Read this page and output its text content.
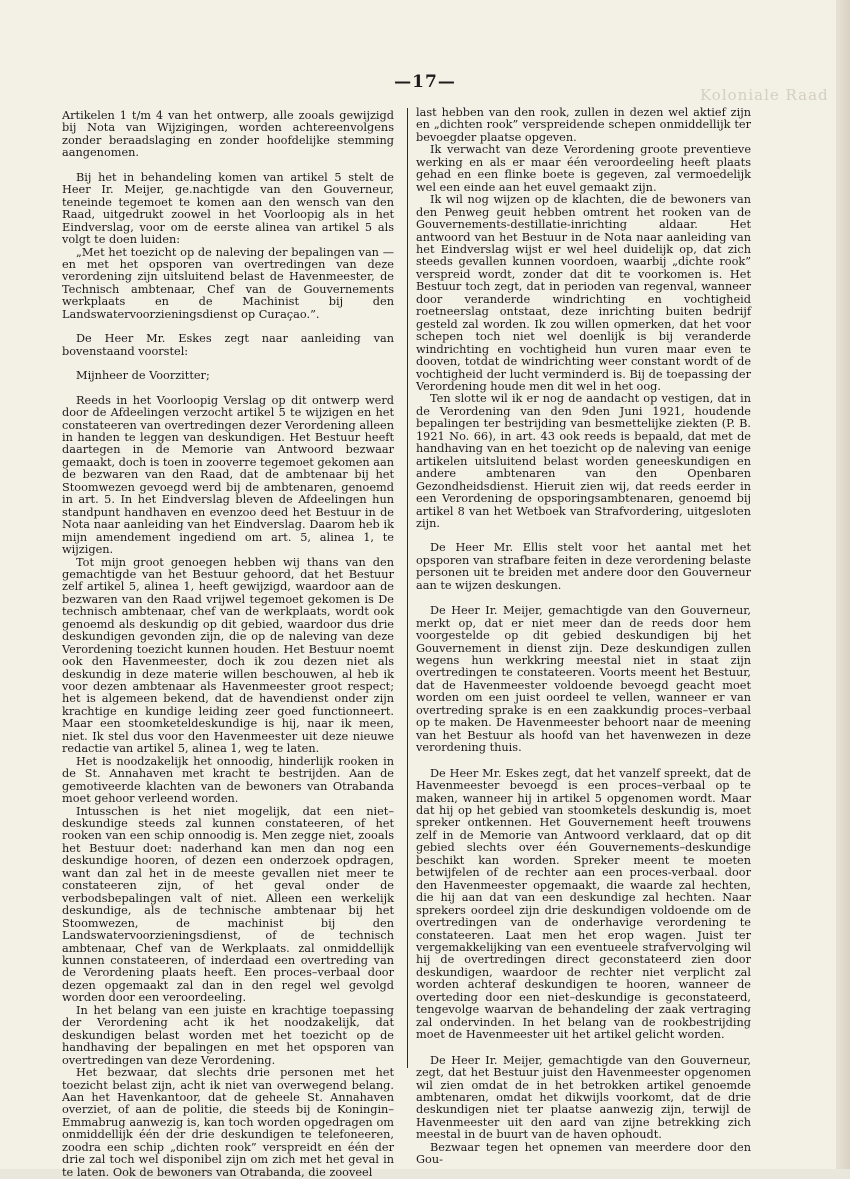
Koloniale Raad
—17—

Artikelen 1 t/m 4 van het ontwerp, alle zooals gewijzigd bij Nota van Wijzigingen, worden achtereenvolgens zonder beraadslaging en zonder hoofdelijke stemming aangenomen.

Bij het in behandeling komen van artikel 5 stelt de Heer Ir. Meijer, ge.nachtigde van den Gouverneur, teneinde tegemoet te komen aan den wensch van den Raad, uitgedrukt zoowel in het Voorloopig als in het Eindverslag, voor om de eerste alinea van artikel 5 als volgt te doen luiden:

„Met het toezicht op de naleving der bepalingen van — en met het opsporen van overtredingen van deze verordening zijn uitsluitend belast de Havenmeester, de Technisch ambtenaar, Chef van de Gouvernements werkplaats en de Machinist bij den Landswatervoorzieningsdienst op Curaçao.”.

De Heer Mr. Eskes zegt naar aanleiding van bovenstaand voorstel:

Mijnheer de Voorzitter;

Reeds in het Voorloopig Verslag op dit ontwerp werd door de Afdeelingen verzocht artikel 5 te wijzigen en het constateeren van overtredingen dezer Verordening alleen in handen te leggen van deskundigen. Het Bestuur heeft daartegen in de Memorie van Antwoord bezwaar gemaakt, doch is toen in zooverre tegemoet gekomen aan de bezwaren van den Raad, dat de ambtenaar bij het Stoomwezen gevoegd werd bij de ambtenaren, genoemd in art. 5. In het Eindverslag bleven de Afdeelingen hun standpunt handhaven en evenzoo deed het Bestuur in de Nota naar aanleiding van het Eindverslag. Daarom heb ik mijn amendement ingediend om art. 5, alinea 1, te wijzigen.

Tot mijn groot genoegen hebben wij thans van den gemachtigde van het Bestuur gehoord, dat het Bestuur zelf artikel 5, alinea 1, heeft gewijzigd, waardoor aan de bezwaren van den Raad vrijwel tegemoet gekomen is De technisch ambtenaar, chef van de werkplaats, wordt ook genoemd als deskundig op dit gebied, waardoor dus drie deskundigen gevonden zijn, die op de naleving van deze Verordening toezicht kunnen houden. Het Bestuur noemt ook den Havenmeester, doch ik zou dezen niet als deskundig in deze materie willen beschouwen, al heb ik voor dezen ambtenaar als Havenmeester groot respect; het is algemeen bekend, dat de havendienst onder zijn krachtige en kundige leiding zeer goed functionneert. Maar een stoomketeldeskundige is hij, naar ik meen, niet. Ik stel dus voor den Havenmeester uit deze nieuwe redactie van artikel 5, alinea 1, weg te laten.

Het is noodzakelijk het onnoodig, hinderlijk rooken in de St. Annahaven met kracht te bestrijden. Aan de gemotiveerde klachten van de bewoners van Otrabanda moet gehoor verleend worden.

Intusschen is het niet mogelijk, dat een niet–deskundige steeds zal kunnen constateeren, of het rooken van een schip onnoodig is. Men zegge niet, zooals het Bestuur doet: naderhand kan men dan nog een deskundige hooren, of dezen een onderzoek opdragen, want dan zal het in de meeste gevallen niet meer te constateeren zijn, of het geval onder de verbodsbepalingen valt of niet. Alleen een werkelijk deskundige, als de technische ambtenaar bij het Stoomwezen, de machinist bij den Landswatervoorzieningsdienst, of de technisch ambtenaar, Chef van de Werkplaats. zal onmiddellijk kunnen constateeren, of inderdaad een overtreding van de Verordening plaats heeft. Een proces–verbaal door dezen opgemaakt zal dan in den regel wel gevolgd worden door een veroordeeling.

In het belang van een juiste en krachtige toepassing der Verordening acht ik het noodzakelijk, dat deskundigen belast worden met het toezicht op de handhaving der bepalingen en met het opsporen van overtredingen van deze Verordening.

Het bezwaar, dat slechts drie personen met het toezicht belast zijn, acht ik niet van overwegend belang. Aan het Havenkantoor, dat de geheele St. Annahaven overziet, of aan de politie, die steeds bij de Koningin–Emmabrug aanwezig is, kan toch worden opgedragen om onmiddellijk één der drie deskundigen te telefoneeren, zoodra een schip „dichten rook” verspreidt en één der drie zal toch wel disponibel zijn om zich met het geval in te laten. Ook de bewoners van Otrabanda, die zooveel

last hebben van den rook, zullen in dezen wel aktief zijn en „dichten rook” verspreidende schepen onmiddellijk ter bevoegder plaatse opgeven.

Ik verwacht van deze Verordening groote preventieve werking en als er maar één veroordeeling heeft plaats gehad en een flinke boete is gegeven, zal vermoedelijk wel een einde aan het euvel gemaakt zijn.

Ik wil nog wijzen op de klachten, die de bewoners van den Penweg geuit hebben omtrent het rooken van de Gouvernements-destillatie-inrichting aldaar. Het antwoord van het Bestuur in de Nota naar aanleiding van het Eindverslag wijst er wel heel duidelijk op, dat zich steeds gevallen kunnen voordoen, waarbij „dichte rook” verspreid wordt, zonder dat dit te voorkomen is. Het Bestuur toch zegt, dat in perioden van regenval, wanneer door veranderde windrichting en vochtigheid roetneerslag ontstaat, deze inrichting buiten bedrijf gesteld zal worden. Ik zou willen opmerken, dat het voor schepen toch niet wel doenlijk is bij veranderde windrichting en vochtigheid hun vuren maar even te dooven, totdat de windrichting weer constant wordt of de vochtigheid der lucht verminderd is. Bij de toepassing der Verordening houde men dit wel in het oog.

Ten slotte wil ik er nog de aandacht op vestigen, dat in de Verordening van den 9den Juni 1921, houdende bepalingen ter bestrijding van besmettelijke ziekten (P. B. 1921 No. 66), in art. 43 ook reeds is bepaald, dat met de handhaving van en het toezicht op de naleving van eenige artikelen uitsluitend belast worden geneeskundigen en andere ambtenaren van den Openbaren Gezondheidsdienst. Hieruit zien wij, dat reeds eerder in een Verordening de opsporingsambtenaren, genoemd bij artikel 8 van het Wetboek van Strafvordering, uitgesloten zijn.

De Heer Mr. Ellis stelt voor het aantal met het opsporen van strafbare feiten in deze verordening belaste personen uit te breiden met andere door den Gouverneur aan te wijzen deskungen.

De Heer Ir. Meijer, gemachtigde van den Gouverneur, merkt op, dat er niet meer dan de reeds door hem voorgestelde op dit gebied deskundigen bij het Gouvernement in dienst zijn. Deze deskundigen zullen wegens hun werkkring meestal niet in staat zijn overtredingen te constateeren. Voorts meent het Bestuur, dat de Havenmeester voldoende bevoegd geacht moet worden om een juist oordeel te vellen, wanneer er van overtreding sprake is en een zaakkundig proces–verbaal op te maken. De Havenmeester behoort naar de meening van het Bestuur als hoofd van het havenwezen in deze verordening thuis.

De Heer Mr. Eskes zegt, dat het vanzelf spreekt, dat de Havenmeester bevoegd is een proces–verbaal op te maken, wanneer hij in artikel 5 opgenomen wordt. Maar dat hij op het gebied van stoomketels deskundig is, moet spreker ontkennen. Het Gouvernement heeft trouwens zelf in de Memorie van Antwoord verklaard, dat op dit gebied slechts over één Gouvernements–deskundige beschikt kan worden. Spreker meent te moeten betwijfelen of de rechter aan een proces-verbaal. door den Havenmeester opgemaakt, die waarde zal hechten, die hij aan dat van een deskundige zal hechten. Naar sprekers oordeel zijn drie deskundigen voldoende om de overtredingen van de onderhavige verordening te constateeren. Laat men het erop wagen. Juist ter vergemakkelijking van een eventueele strafvervolging wil hij de overtredingen direct geconstateerd zien door deskundigen, waardoor de rechter niet verplicht zal worden achteraf deskundigen te hooren, wanneer de overteding door een niet–deskundige is geconstateerd, tengevolge waarvan de behandeling der zaak vertraging zal ondervinden. In het belang van de rookbestrijding moet de Havenmeester uit het artikel gelicht worden.

De Heer Ir. Meijer, gemachtigde van den Gouverneur, zegt, dat het Bestuur juist den Havenmeester opgenomen wil zien omdat de in het betrokken artikel genoemde ambtenaren, omdat het dikwijls voorkomt, dat de drie deskundigen niet ter plaatse aanwezig zijn, terwijl de Havenmeester uit den aard van zijne betrekking zich meestal in de buurt van de haven ophoudt.

Bezwaar tegen het opnemen van meerdere door den Gou-
